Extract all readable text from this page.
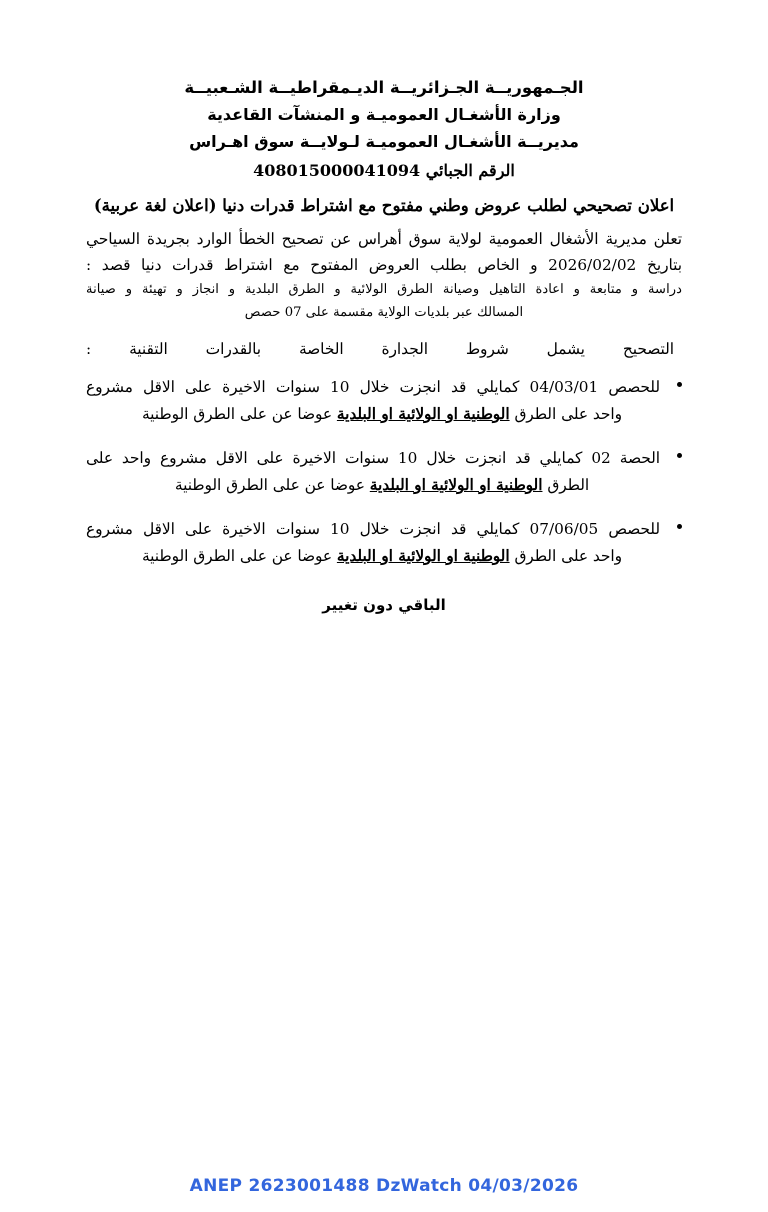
الجـمهوريــة الجـزائريــة الديـمقراطيــة الشـعبيــة
وزارة الأشغـال العموميـة و المنشآت القاعدية
مديريــة الأشغـال العموميـة لـولايــة سوق اهـراس
الرقم الجبائي 408015000041094
اعلان تصحيحي لطلب عروض وطني مفتوح مع اشتراط قدرات دنيا (اعلان لغة عربية)
تعلن مديرية الأشغال العمومية لولاية سوق أهراس عن تصحيح الخطأ الوارد بجريدة السياحي
بتاريخ 2026/02/02 و الخاص بطلب العروض المفتوح مع اشتراط قدرات دنيا قصد :
دراسة و متابعة و اعادة التاهيل وصيانة الطرق الولائية و الطرق البلدية و انجاز و تهيئة و صيانة
المسالك عبر بلديات الولاية مقسمة على 07 حصص
التصحيح يشمل شروط الجدارة الخاصة بالقدرات التقنية :
للحصص 04/03/01 كمايلي قد انجزت خلال 10 سنوات الاخيرة على الاقل مشروع
واحد على الطرق الوطنية او الولائية او البلدية عوضا عن على الطرق الوطنية
الحصة 02 كمايلي قد انجزت خلال 10 سنوات الاخيرة على الاقل مشروع واحد على
الطرق الوطنية او الولائية او البلدية عوضا عن على الطرق الوطنية
للحصص 07/06/05 كمايلي قد انجزت خلال 10 سنوات الاخيرة على الاقل مشروع
واحد على الطرق الوطنية او الولائية او البلدية عوضا عن على الطرق الوطنية
الباقي دون تغيير
ANEP 2623001488 DzWatch 04/03/2026
